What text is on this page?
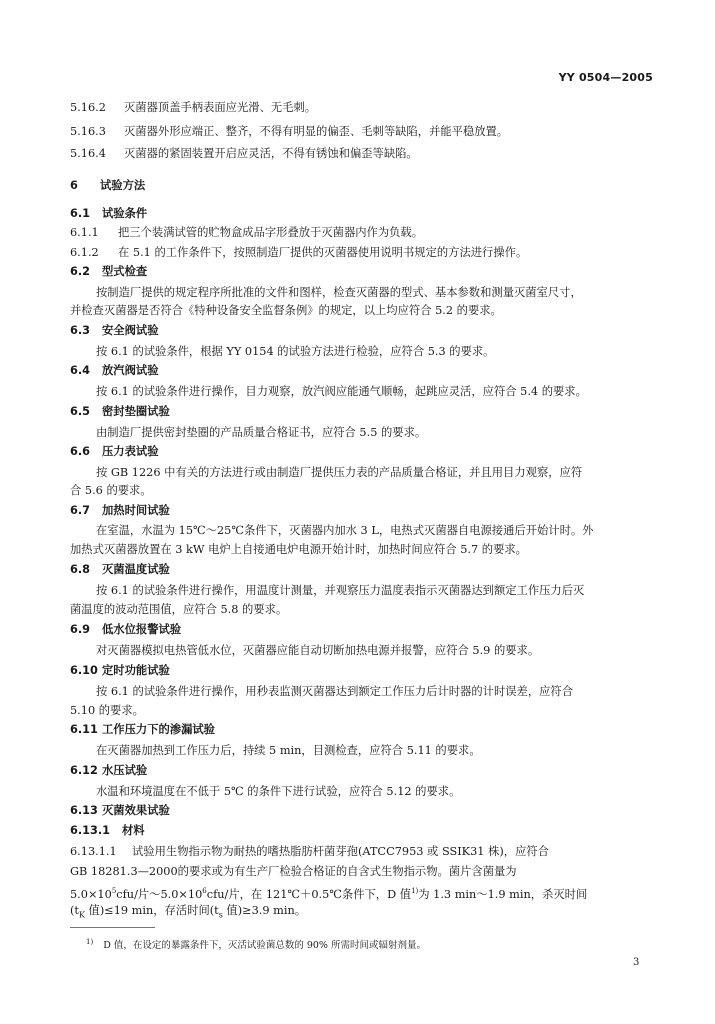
YY 0504—2005
5.16.2 灭菌器顶盖手柄表面应光滑、无毛刺。
5.16.3 灭菌器外形应端正、整齐，不得有明显的偏歪、毛刺等缺陷，并能平稳放置。
5.16.4 灭菌器的紧固装置开启应灵活，不得有锈蚀和偏歪等缺陷。
6 试验方法
6.1 试验条件
6.1.1 把三个装满试管的贮物盒成品字形叠放于灭菌器内作为负载。
6.1.2 在 5.1 的工作条件下，按照制造厂提供的灭菌器使用说明书规定的方法进行操作。
6.2 型式检查
按制造厂提供的规定程序所批准的文件和图样，检查灭菌器的型式、基本参数和测量灭菌室尺寸，
并检查灭菌器是否符合《特种设备安全监督条例》的规定，以上均应符合 5.2 的要求。
6.3 安全阀试验
按 6.1 的试验条件，根据 YY 0154 的试验方法进行检验，应符合 5.3 的要求。
6.4 放汽阀试验
按 6.1 的试验条件进行操作，目力观察，放汽阀应能通气顺畅，起跳应灵活，应符合 5.4 的要求。
6.5 密封垫圈试验
由制造厂提供密封垫圈的产品质量合格证书，应符合 5.5 的要求。
6.6 压力表试验
按 GB 1226 中有关的方法进行或由制造厂提供压力表的产品质量合格证，并且用目力观察，应符
合 5.6 的要求。
6.7 加热时间试验
在室温，水温为 15℃～25℃条件下，灭菌器内加水 3 L，电热式灭菌器自电源接通后开始计时。外
加热式灭菌器放置在 3 kW 电炉上自接通电炉电源开始计时，加热时间应符合 5.7 的要求。
6.8 灭菌温度试验
按 6.1 的试验条件进行操作，用温度计测量，并观察压力温度表指示灭菌器达到额定工作压力后灭
菌温度的波动范围值，应符合 5.8 的要求。
6.9 低水位报警试验
对灭菌器模拟电热管低水位，灭菌器应能自动切断加热电源并报警，应符合 5.9 的要求。
6.10 定时功能试验
按 6.1 的试验条件进行操作，用秒表监测灭菌器达到额定工作压力后计时器的计时误差，应符合
5.10 的要求。
6.11 工作压力下的渗漏试验
在灭菌器加热到工作压力后，持续 5 min，目测检查，应符合 5.11 的要求。
6.12 水压试验
水温和环境温度在不低于 5℃ 的条件下进行试验，应符合 5.12 的要求。
6.13 灭菌效果试验
6.13.1 材料
6.13.1.1 试验用生物指示物为耐热的嗜热脂肪杆菌芽孢(ATCC7953 或 SSIK31 株)，应符合
GB 18281.3—2000的要求或为有生产厂检验合格证的自含式生物指示物。菌片含菌量为
$5.0\times 10^5cfu/$片$\sim 5.0\times 10^6cfu/$片，在 121℃＋0.5℃条件下，D 值$^{1)}$为 1.3 min～1.9 min，杀灭时间
($t_K$ 值)≤19 min，存活时间($t_s$ 值)≥3.9 min。
$^{1)}$ D 值，在设定的暴露条件下，灭活试验菌总数的 90% 所需时间或辐射剂量。
3
